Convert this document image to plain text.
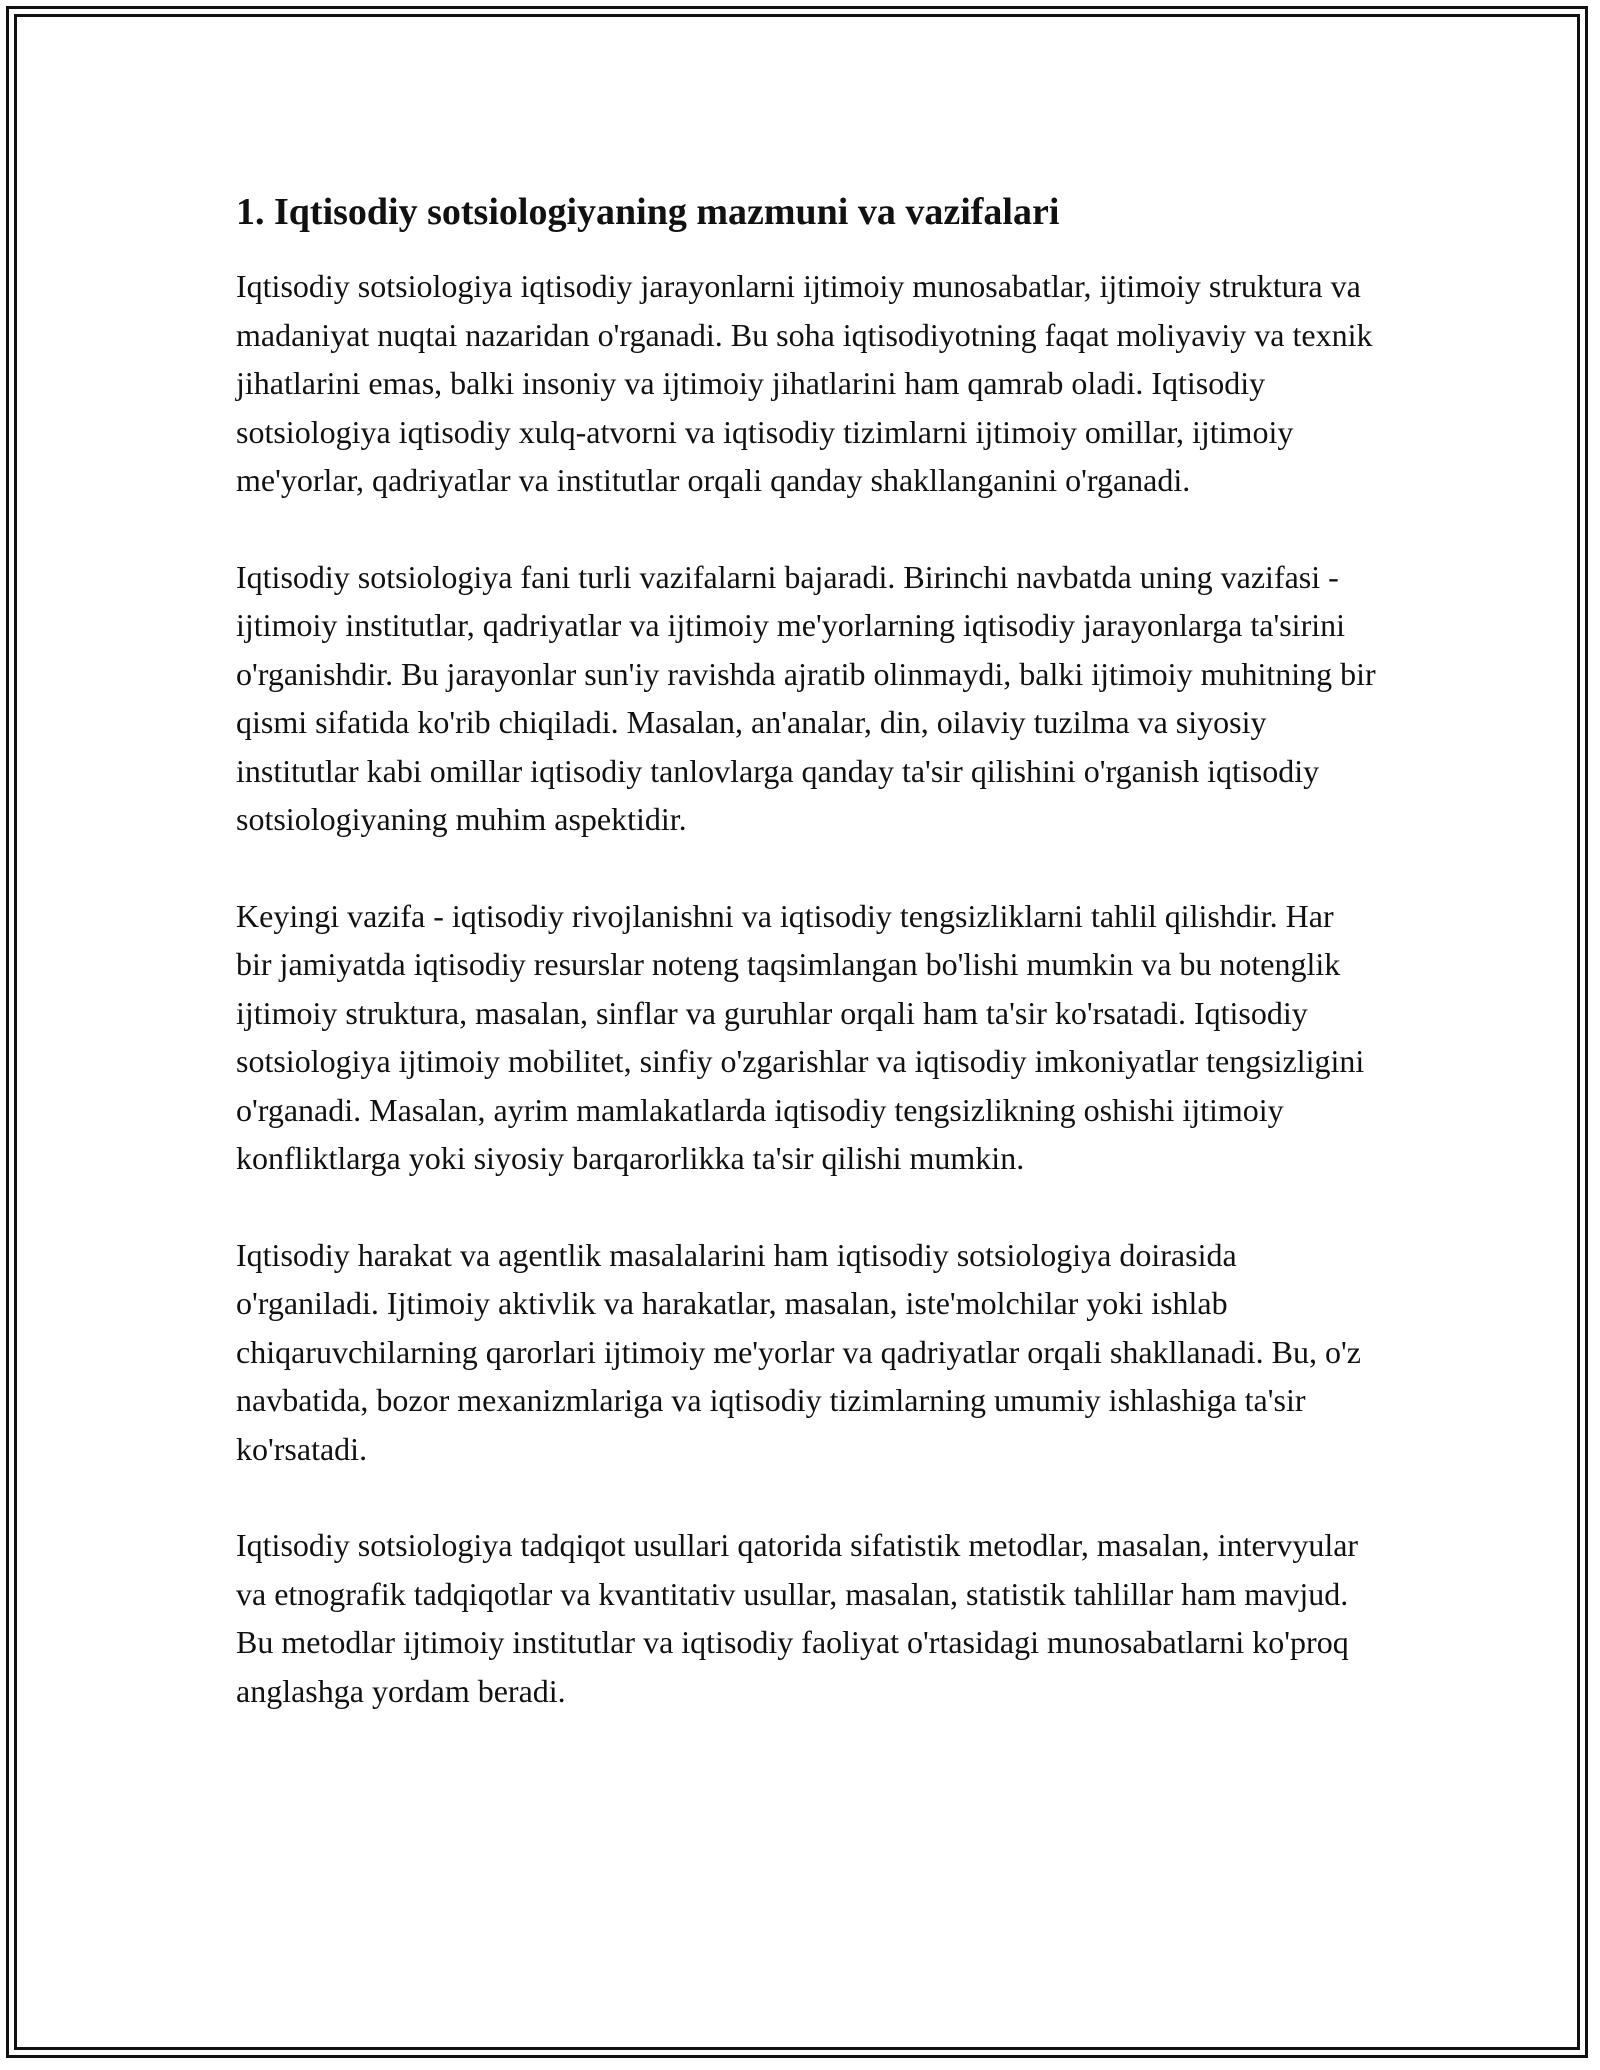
1. Iqtisodiy sotsiologiyaning mazmuni va vazifalari

Iqtisodiy sotsiologiya iqtisodiy jarayonlarni ijtimoiy munosabatlar, ijtimoiy struktura va madaniyat nuqtai nazaridan o'rganadi. Bu soha iqtisodiyotning faqat moliyaviy va texnik jihatlarini emas, balki insoniy va ijtimoiy jihatlarini ham qamrab oladi. Iqtisodiy sotsiologiya iqtisodiy xulq-atvorni va iqtisodiy tizimlarni ijtimoiy omillar, ijtimoiy me'yorlar, qadriyatlar va institutlar orqali qanday shakllanganini o'rganadi.

Iqtisodiy sotsiologiya fani turli vazifalarni bajaradi. Birinchi navbatda uning vazifasi - ijtimoiy institutlar, qadriyatlar va ijtimoiy me'yorlarning iqtisodiy jarayonlarga ta'sirini o'rganishdir. Bu jarayonlar sun'iy ravishda ajratib olinmaydi, balki ijtimoiy muhitning bir qismi sifatida ko'rib chiqiladi. Masalan, an'analar, din, oilaviy tuzilma va siyosiy institutlar kabi omillar iqtisodiy tanlovlarga qanday ta'sir qilishini o'rganish iqtisodiy sotsiologiyaning muhim aspektidir.

Keyingi vazifa - iqtisodiy rivojlanishni va iqtisodiy tengsizliklarni tahlil qilishdir. Har bir jamiyatda iqtisodiy resurslar noteng taqsimlangan bo'lishi mumkin va bu notenglik ijtimoiy struktura, masalan, sinflar va guruhlar orqali ham ta'sir ko'rsatadi. Iqtisodiy sotsiologiya ijtimoiy mobilitet, sinfiy o'zgarishlar va iqtisodiy imkoniyatlar tengsizligini o'rganadi. Masalan, ayrim mamlakatlarda iqtisodiy tengsizlikning oshishi ijtimoiy konfliktlarga yoki siyosiy barqarorlikka ta'sir qilishi mumkin.

Iqtisodiy harakat va agentlik masalalarini ham iqtisodiy sotsiologiya doirasida o'rganiladi. Ijtimoiy aktivlik va harakatlar, masalan, iste'molchilar yoki ishlab chiqaruvchilarning qarorlari ijtimoiy me'yorlar va qadriyatlar orqali shakllanadi. Bu, o'z navbatida, bozor mexanizmlariga va iqtisodiy tizimlarning umumiy ishlashiga ta'sir ko'rsatadi.

Iqtisodiy sotsiologiya tadqiqot usullari qatorida sifatistik metodlar, masalan, intervyular va etnografik tadqiqotlar va kvantitativ usullar, masalan, statistik tahlillar ham mavjud. Bu metodlar ijtimoiy institutlar va iqtisodiy faoliyat o'rtasidagi munosabatlarni ko'proq anglashga yordam beradi.
